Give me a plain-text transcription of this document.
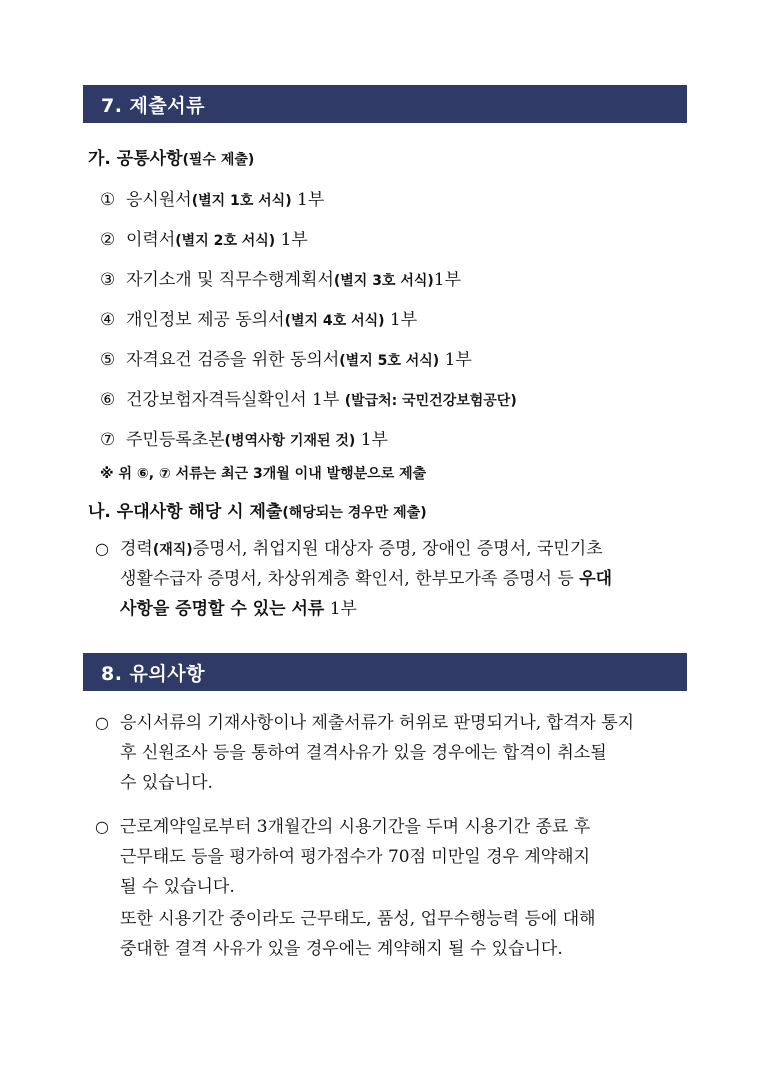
7. 제출서류
가. 공통사항(필수 제출)
① 응시원서(별지 1호 서식) 1부
② 이력서(별지 2호 서식) 1부
③ 자기소개 및 직무수행계획서(별지 3호 서식)1부
④ 개인정보 제공 동의서(별지 4호 서식) 1부
⑤ 자격요건 검증을 위한 동의서(별지 5호 서식) 1부
⑥ 건강보험자격득실확인서 1부 (발급처: 국민건강보험공단)
⑦ 주민등록초본(병역사항 기재된 것) 1부
※ 위 ⑥, ⑦ 서류는 최근 3개월 이내 발행분으로 제출
나. 우대사항 해당 시 제출(해당되는 경우만 제출)
○ 경력(재직)증명서, 취업지원 대상자 증명, 장애인 증명서, 국민기초
생활수급자 증명서, 차상위계층 확인서, 한부모가족 증명서 등 우대
사항을 증명할 수 있는 서류 1부
8. 유의사항
○ 응시서류의 기재사항이나 제출서류가 허위로 판명되거나, 합격자 통지
후 신원조사 등을 통하여 결격사유가 있을 경우에는 합격이 취소될
수 있습니다.
○ 근로계약일로부터 3개월간의 시용기간을 두며 시용기간 종료 후
근무태도 등을 평가하여 평가점수가 70점 미만일 경우 계약해지
될 수 있습니다.
또한 시용기간 중이라도 근무태도, 품성, 업무수행능력 등에 대해
중대한 결격 사유가 있을 경우에는 계약해지 될 수 있습니다.
